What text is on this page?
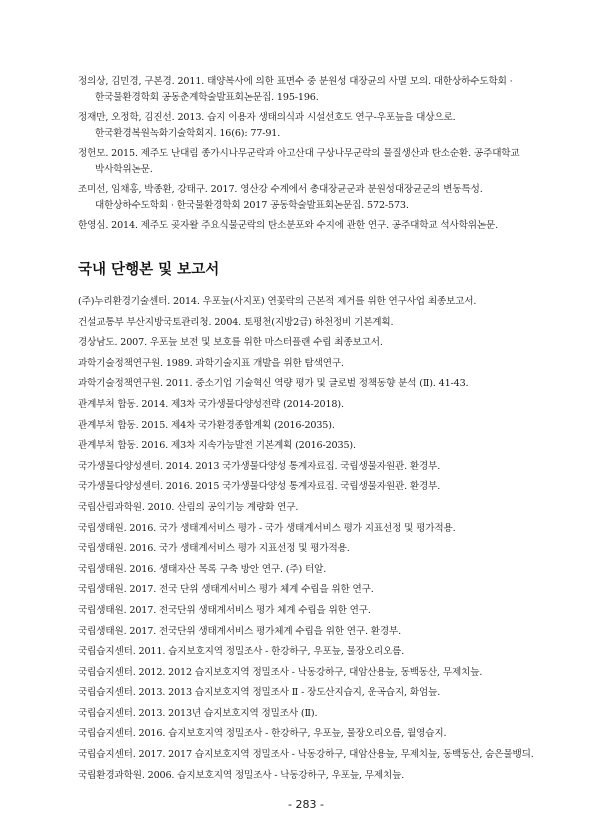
정의상, 김민경, 구본경. 2011. 태양복사에 의한 표면수 중 분원성 대장균의 사멸 모의. 대한상하수도학회 · 한국물환경학회 공동춘계학술발표회논문집. 195-196.

정재만, 오정학, 김진선. 2013. 습지 이용자 생태의식과 시설선호도 연구-우포늪을 대상으로. 한국환경복원녹화기술학회지. 16(6): 77-91.

정헌모. 2015. 제주도 난대림 종가시나무군락과 아고산대 구상나무군락의 물질생산과 탄소순환. 공주대학교 박사학위논문.

조미선, 임채홍, 박종환, 강태구. 2017. 영산강 수계에서 총대장균군과 분원성대장균군의 변동특성. 대한상하수도학회 · 한국물환경학회 2017 공동학술발표회논문집. 572-573.

한영심. 2014. 제주도 곶자왈 주요식물군락의 탄소분포와 수지에 관한 연구. 공주대학교 석사학위논문.

국내 단행본 및 보고서

(주)누리환경기술센터. 2014. 우포늪(사지포) 연꽃락의 근본적 제거를 위한 연구사업 최종보고서.

건설교통부 부산지방국토관리청. 2004. 토평천(지방2급) 하천정비 기본계획.

경상남도. 2007. 우포늪 보전 및 보호를 위한 마스터플랜 수립 최종보고서.

과학기술정책연구원. 1989. 과학기술지표 개발을 위한 탐색연구.

과학기술정책연구원. 2011. 중소기업 기술혁신 역량 평가 및 글로벌 정책동향 분석 (Ⅱ). 41-43.

관계부처 합동. 2014. 제3차 국가생물다양성전략 (2014-2018).

관계부처 합동. 2015. 제4차 국가환경종합계획 (2016-2035).

관계부처 합동. 2016. 제3차 지속가능발전 기본계획 (2016-2035).

국가생물다양성센터. 2014. 2013 국가생물다양성 통계자료집. 국립생물자원관. 환경부.

국가생물다양성센터. 2016. 2015 국가생물다양성 통계자료집. 국립생물자원관. 환경부.

국립산림과학원. 2010. 산림의 공익기능 계량화 연구.

국립생태원. 2016. 국가 생태계서비스 평가 - 국가 생태계서비스 평가 지표선정 및 평가적용.

국립생태원. 2016. 국가 생태계서비스 평가 지표선정 및 평가적용.

국립생태원. 2016. 생태자산 목록 구축 방안 연구. (주) 터알.

국립생태원. 2017. 전국 단위 생태계서비스 평가 체계 수립을 위한 연구.

국립생태원. 2017. 전국단위 생태계서비스 평가 체계 수립을 위한 연구.

국립생태원. 2017. 전국단위 생태계서비스 평가체계 수립을 위한 연구. 환경부.

국립습지센터. 2011. 습지보호지역 정밀조사 - 한강하구, 우포늪, 물장오리오름.

국립습지센터. 2012. 2012 습지보호지역 정밀조사 - 낙동강하구, 대암산용늪, 동백동산, 무제치늪.

국립습지센터. 2013. 2013 습지보호지역 정밀조사 Ⅱ - 장도산지습지, 운곡습지, 화엄늪.

국립습지센터. 2013. 2013년 습지보호지역 정밀조사 (Ⅱ).

국립습지센터. 2016. 습지보호지역 정밀조사 - 한강하구, 우포늪, 물장오리오름, 월영습지.

국립습지센터. 2017. 2017 습지보호지역 정밀조사 - 낙동강하구, 대암산용늪, 무제치늪, 동백동산, 숨은물뱅듸.

국립환경과학원. 2006. 습지보호지역 정밀조사 - 낙동강하구, 우포늪, 무제치늪.

- 283 -
